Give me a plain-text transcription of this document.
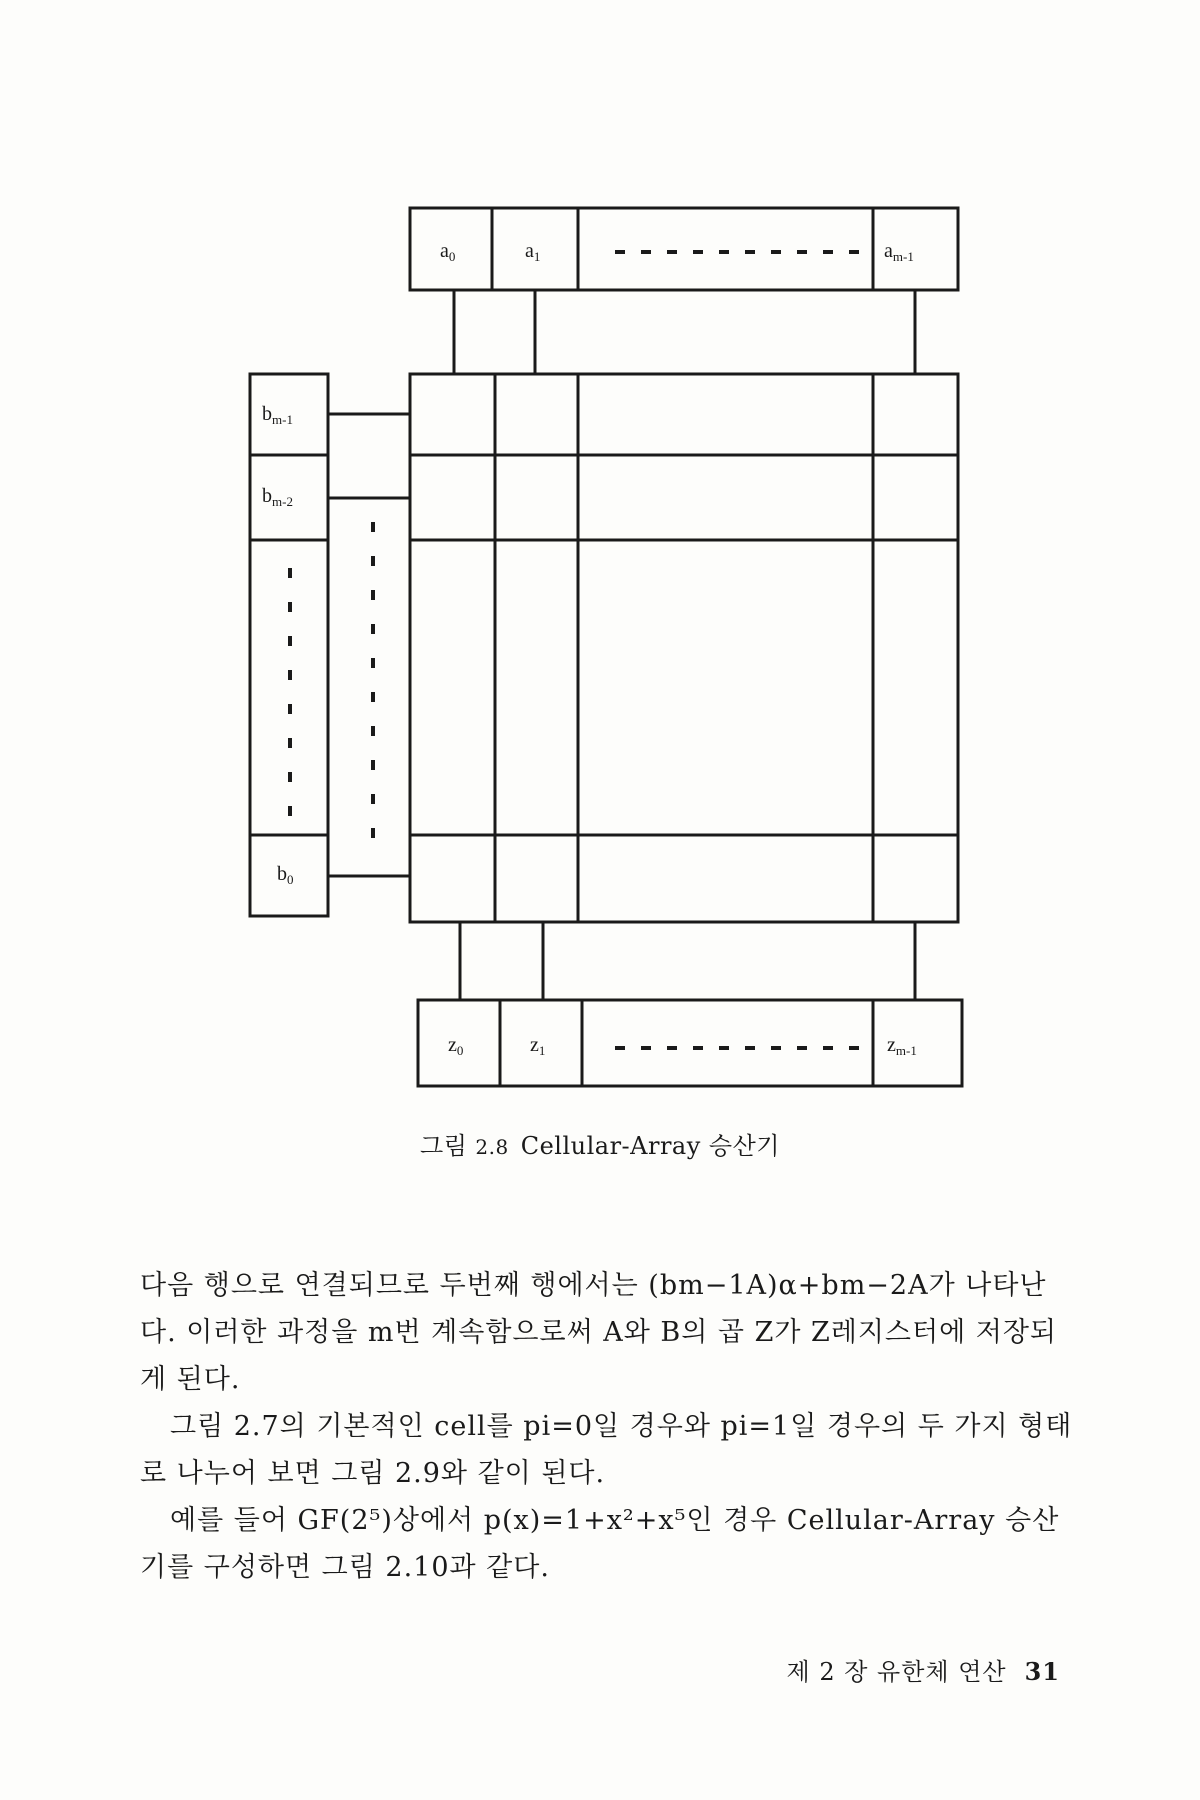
$a_0$	$a_1$	$a_{m-1}$
$b_{m-1}$
$b_{m-2}$
$b_0$
$z_0$	$z_1$	$z_{m-1}$
그림 2.8 Cellular-Array 승산기

다음 행으로 연결되므로 두번째 행에서는 (bm−1A)α+bm−2A가 나타난다. 이러한 과정을 m번 계속함으로써 A와 B의 곱 Z가 Z레지스터에 저장되게 된다.

그림 2.7의 기본적인 cell를 pi=0일 경우와 pi=1일 경우의 두 가지 형태로 나누어 보면 그림 2.9와 같이 된다.

예를 들어 GF(2⁵)상에서 p(x)=1+x²+x⁵인 경우 Cellular-Array 승산기를 구성하면 그림 2.10과 같다.

제 2 장 유한체 연산 31
